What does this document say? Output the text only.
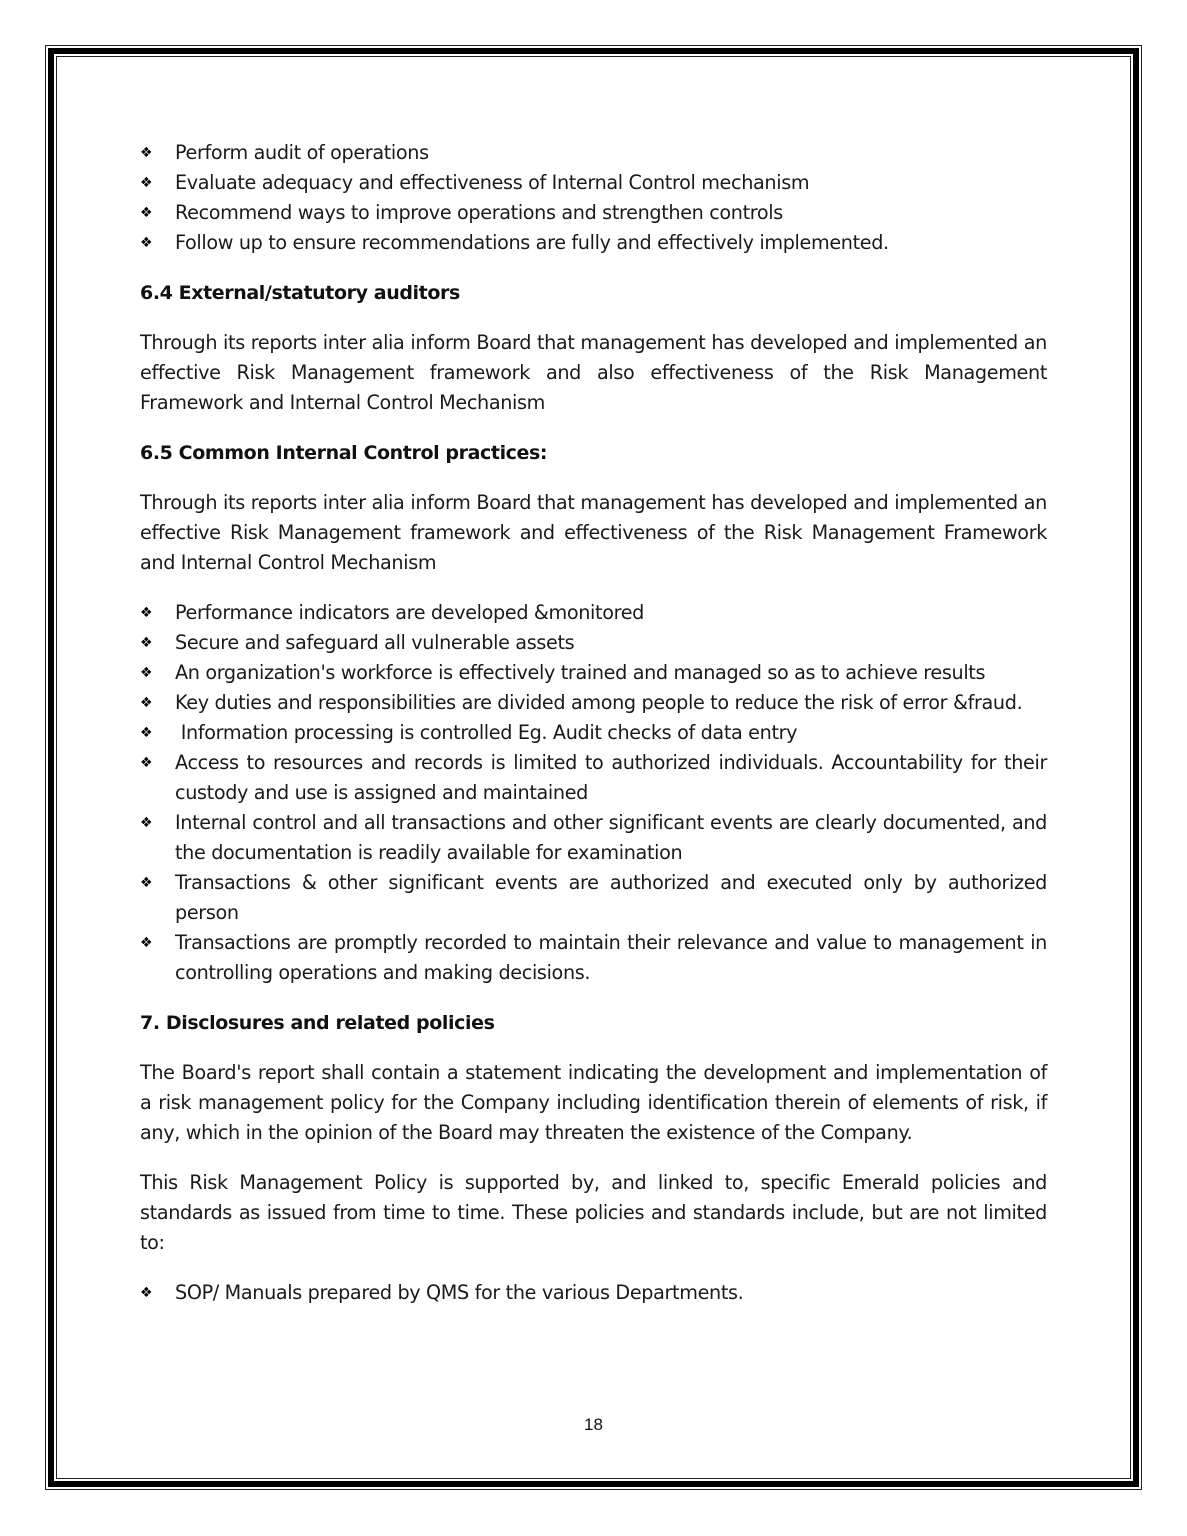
❖ Perform audit of operations
❖ Evaluate adequacy and effectiveness of Internal Control mechanism
❖ Recommend ways to improve operations and strengthen controls
❖ Follow up to ensure recommendations are fully and effectively implemented.
6.4 External/statutory auditors

Through its reports inter alia inform Board that management has developed and implemented an effective Risk Management framework and also effectiveness of the Risk Management Framework and Internal Control Mechanism

6.5 Common Internal Control practices:

Through its reports inter alia inform Board that management has developed and implemented an effective Risk Management framework and effectiveness of the Risk Management Framework and Internal Control Mechanism

❖ Performance indicators are developed &monitored
❖ Secure and safeguard all vulnerable assets
❖ An organization's workforce is effectively trained and managed so as to achieve results
❖ Key duties and responsibilities are divided among people to reduce the risk of error &fraud.
❖ Information processing is controlled Eg. Audit checks of data entry
❖ Access to resources and records is limited to authorized individuals. Accountability for their custody and use is assigned and maintained
❖ Internal control and all transactions and other significant events are clearly documented, and the documentation is readily available for examination
❖ Transactions & other significant events are authorized and executed only by authorized person
❖ Transactions are promptly recorded to maintain their relevance and value to management in controlling operations and making decisions.
7. Disclosures and related policies

The Board's report shall contain a statement indicating the development and implementation of a risk management policy for the Company including identification therein of elements of risk, if any, which in the opinion of the Board may threaten the existence of the Company.

This Risk Management Policy is supported by, and linked to, specific Emerald policies and standards as issued from time to time. These policies and standards include, but are not limited to:

❖ SOP/ Manuals prepared by QMS for the various Departments.
18
